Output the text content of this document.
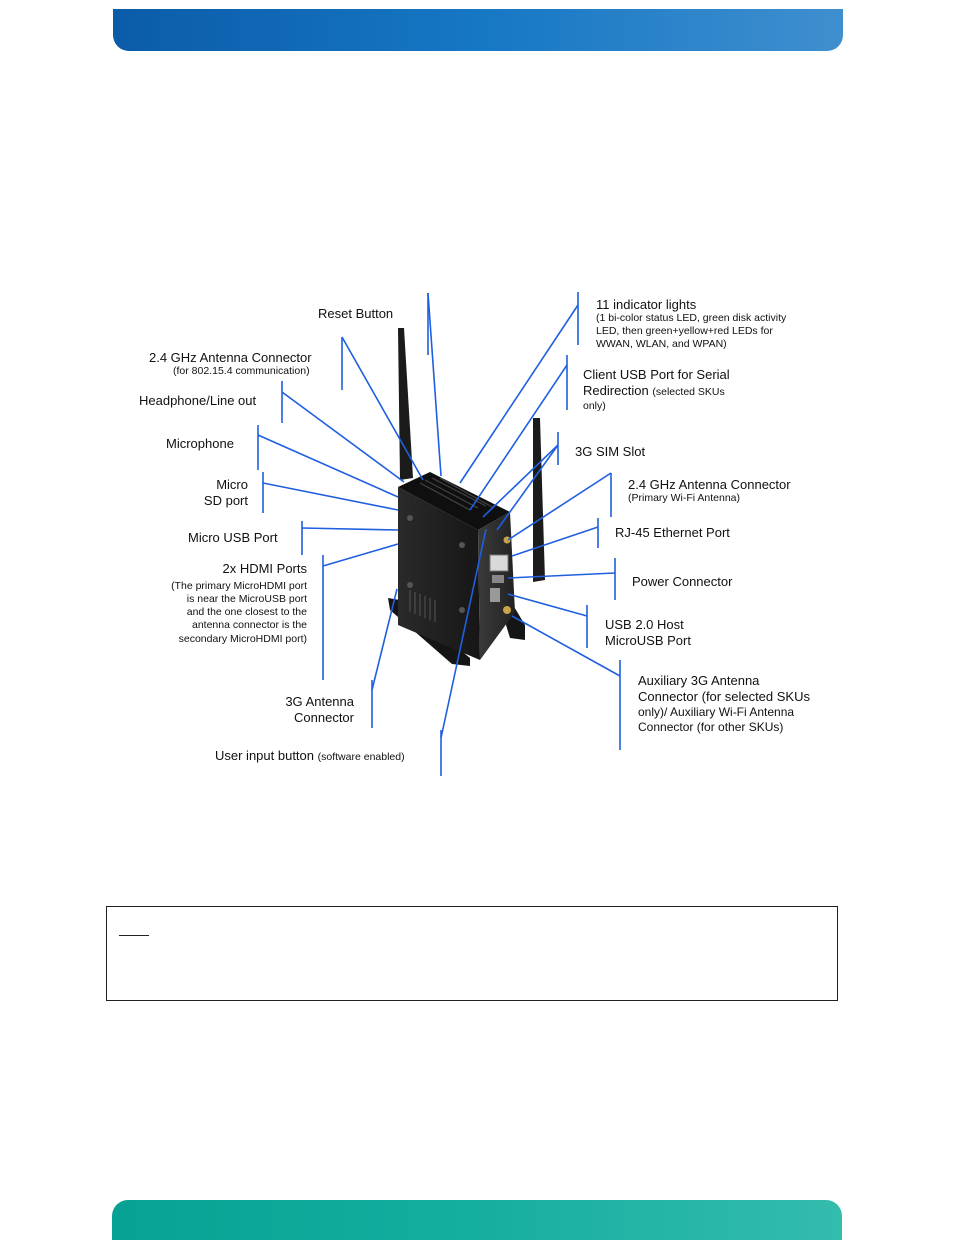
Reset Button
2.4 GHz Antenna Connector
(for 802.15.4 communication)
Headphone/Line out
Microphone
Micro
SD port
Micro USB Port
2x HDMI Ports
(The primary MicroHDMI port
is near the MicroUSB port
and the one closest to the
antenna connector is the
secondary MicroHDMI port)
3G Antenna
Connector
User input button (software enabled)
11 indicator lights
(1 bi-color status LED, green disk activity
LED, then green+yellow+red LEDs for
WWAN, WLAN, and WPAN)
Client USB Port for Serial
Redirection (selected SKUs
only)
3G SIM Slot
2.4 GHz Antenna Connector
(Primary Wi-Fi Antenna)
RJ-45 Ethernet Port
Power Connector
USB 2.0 Host
MicroUSB Port
Auxiliary 3G Antenna
Connector (for selected SKUs
only)/ Auxiliary Wi-Fi Antenna
Connector (for other SKUs)
